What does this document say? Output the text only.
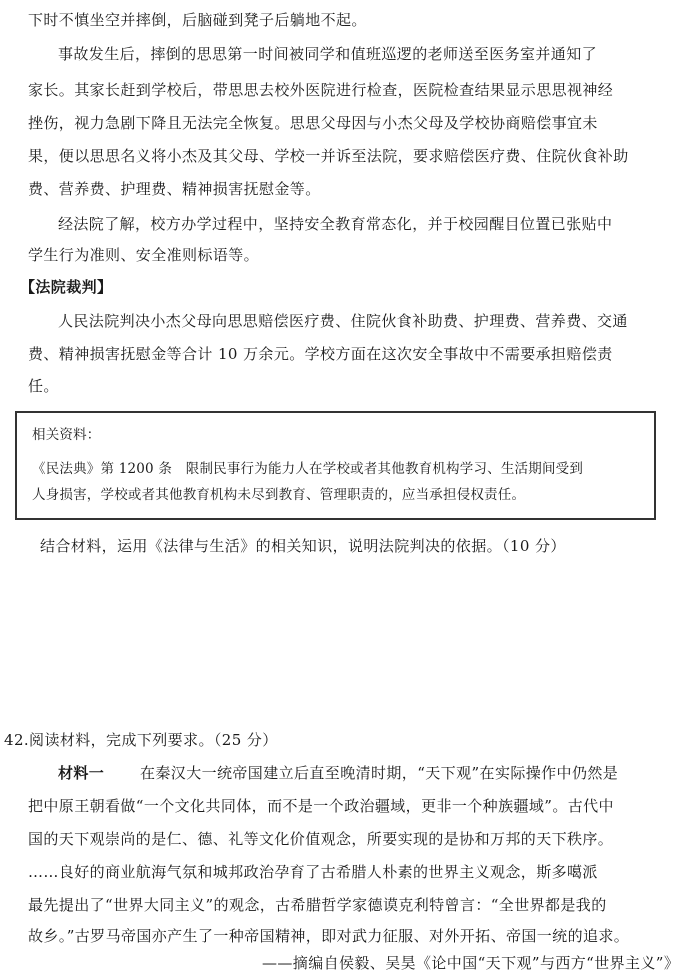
下时不慎坐空并摔倒，后脑碰到凳子后躺地不起。
事故发生后，摔倒的思思第一时间被同学和值班巡逻的老师送至医务室并通知了
家长。其家长赶到学校后，带思思去校外医院进行检查，医院检查结果显示思思视神经
挫伤，视力急剧下降且无法完全恢复。思思父母因与小杰父母及学校协商赔偿事宜未
果，便以思思名义将小杰及其父母、学校一并诉至法院，要求赔偿医疗费、住院伙食补助
费、营养费、护理费、精神损害抚慰金等。
经法院了解，校方办学过程中，坚持安全教育常态化，并于校园醒目位置已张贴中
学生行为准则、安全准则标语等。
【法院裁判】
人民法院判决小杰父母向思思赔偿医疗费、住院伙食补助费、护理费、营养费、交通
费、精神损害抚慰金等合计 10 万余元。学校方面在这次安全事故中不需要承担赔偿责
任。
相关资料：
《民法典》第 1200 条　限制民事行为能力人在学校或者其他教育机构学习、生活期间受到
人身损害，学校或者其他教育机构未尽到教育、管理职责的，应当承担侵权责任。
结合材料，运用《法律与生活》的相关知识，说明法院判决的依据。（10 分）
42.阅读材料，完成下列要求。（25 分）
材料一 在秦汉大一统帝国建立后直至晚清时期，“天下观”在实际操作中仍然是
把中原王朝看做“一个文化共同体，而不是一个政治疆域，更非一个种族疆域”。古代中
国的天下观崇尚的是仁、德、礼等文化价值观念，所要实现的是协和万邦的天下秩序。
……良好的商业航海气氛和城邦政治孕育了古希腊人朴素的世界主义观念，斯多噶派
最先提出了“世界大同主义”的观念，古希腊哲学家德谟克利特曾言：“全世界都是我的
故乡。”古罗马帝国亦产生了一种帝国精神，即对武力征服、对外开拓、帝国一统的追求。
——摘编自侯毅、吴昊《论中国“天下观”与西方“世界主义”》
